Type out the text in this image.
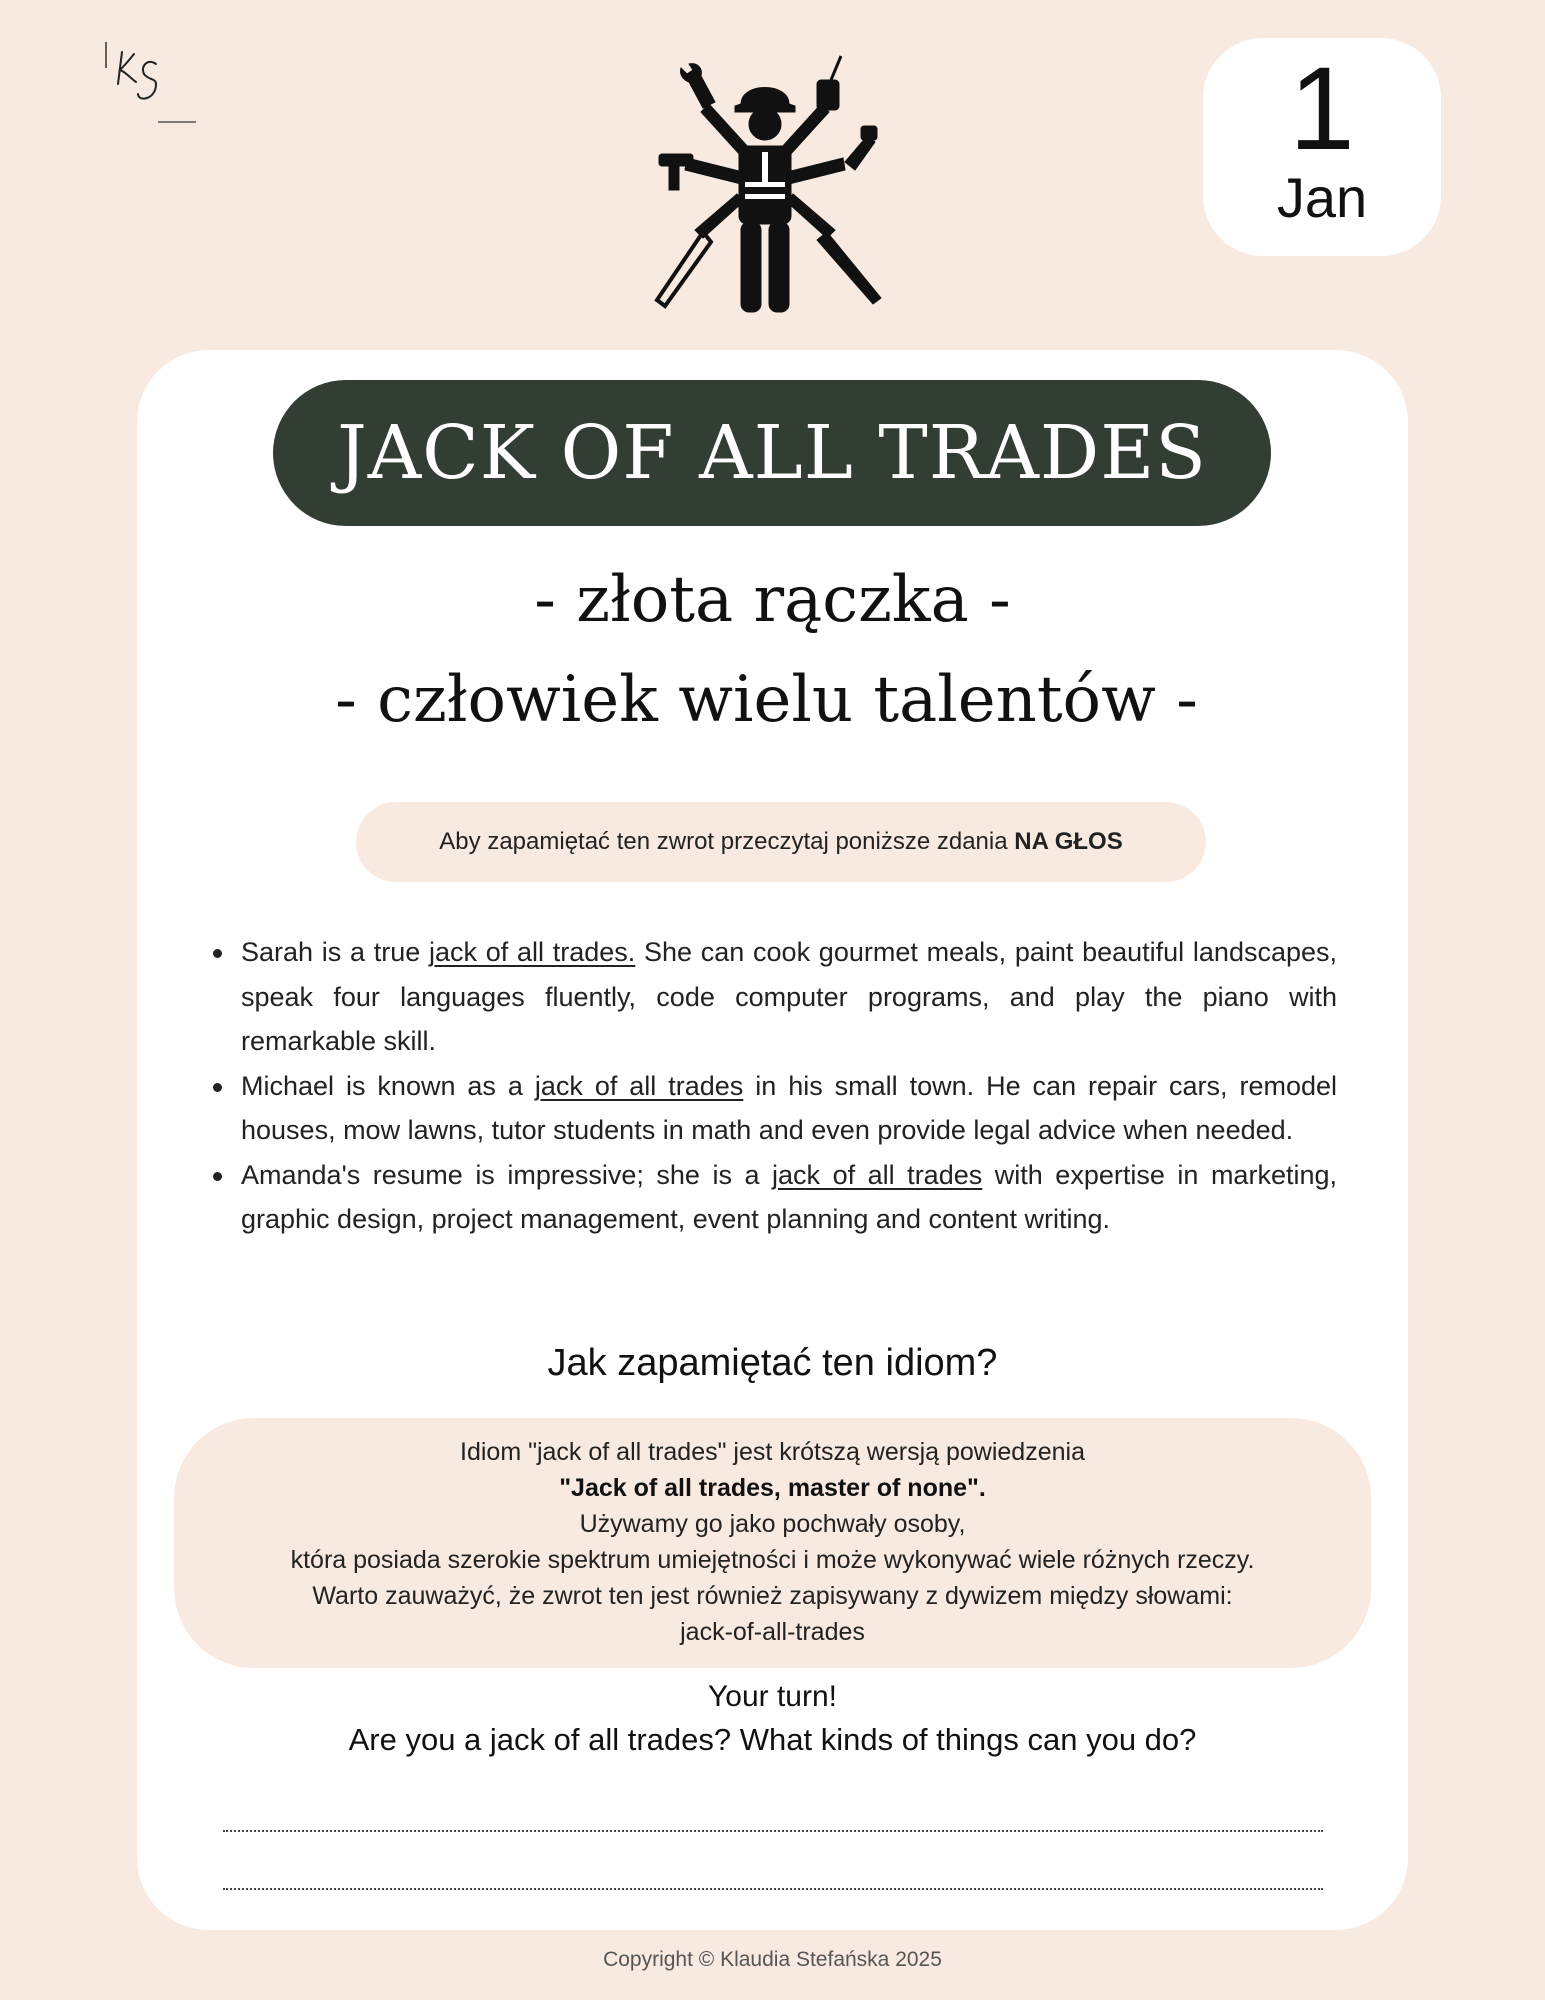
1
Jan
JACK OF ALL TRADES
- złota rączka -
- człowiek wielu talentów -
Aby zapamiętać ten zwrot przeczytaj poniższe zdania NA GŁOS
Sarah is a true jack of all trades. She can cook gourmet meals, paint beautiful landscapes, speak four languages fluently, code computer programs, and play the piano with remarkable skill.
Michael is known as a jack of all trades in his small town. He can repair cars, remodel houses, mow lawns, tutor students in math and even provide legal advice when needed.
Amanda's resume is impressive; she is a jack of all trades with expertise in marketing, graphic design, project management, event planning and content writing.
Jak zapamiętać ten idiom?
Idiom "jack of all trades" jest krótszą wersją powiedzenia
"Jack of all trades, master of none".
Używamy go jako pochwały osoby,
która posiada szerokie spektrum umiejętności i może wykonywać wiele różnych rzeczy.
Warto zauważyć, że zwrot ten jest również zapisywany z dywizem między słowami:
jack-of-all-trades
Your turn!
Are you a jack of all trades? What kinds of things can you do?
Copyright © Klaudia Stefańska 2025
